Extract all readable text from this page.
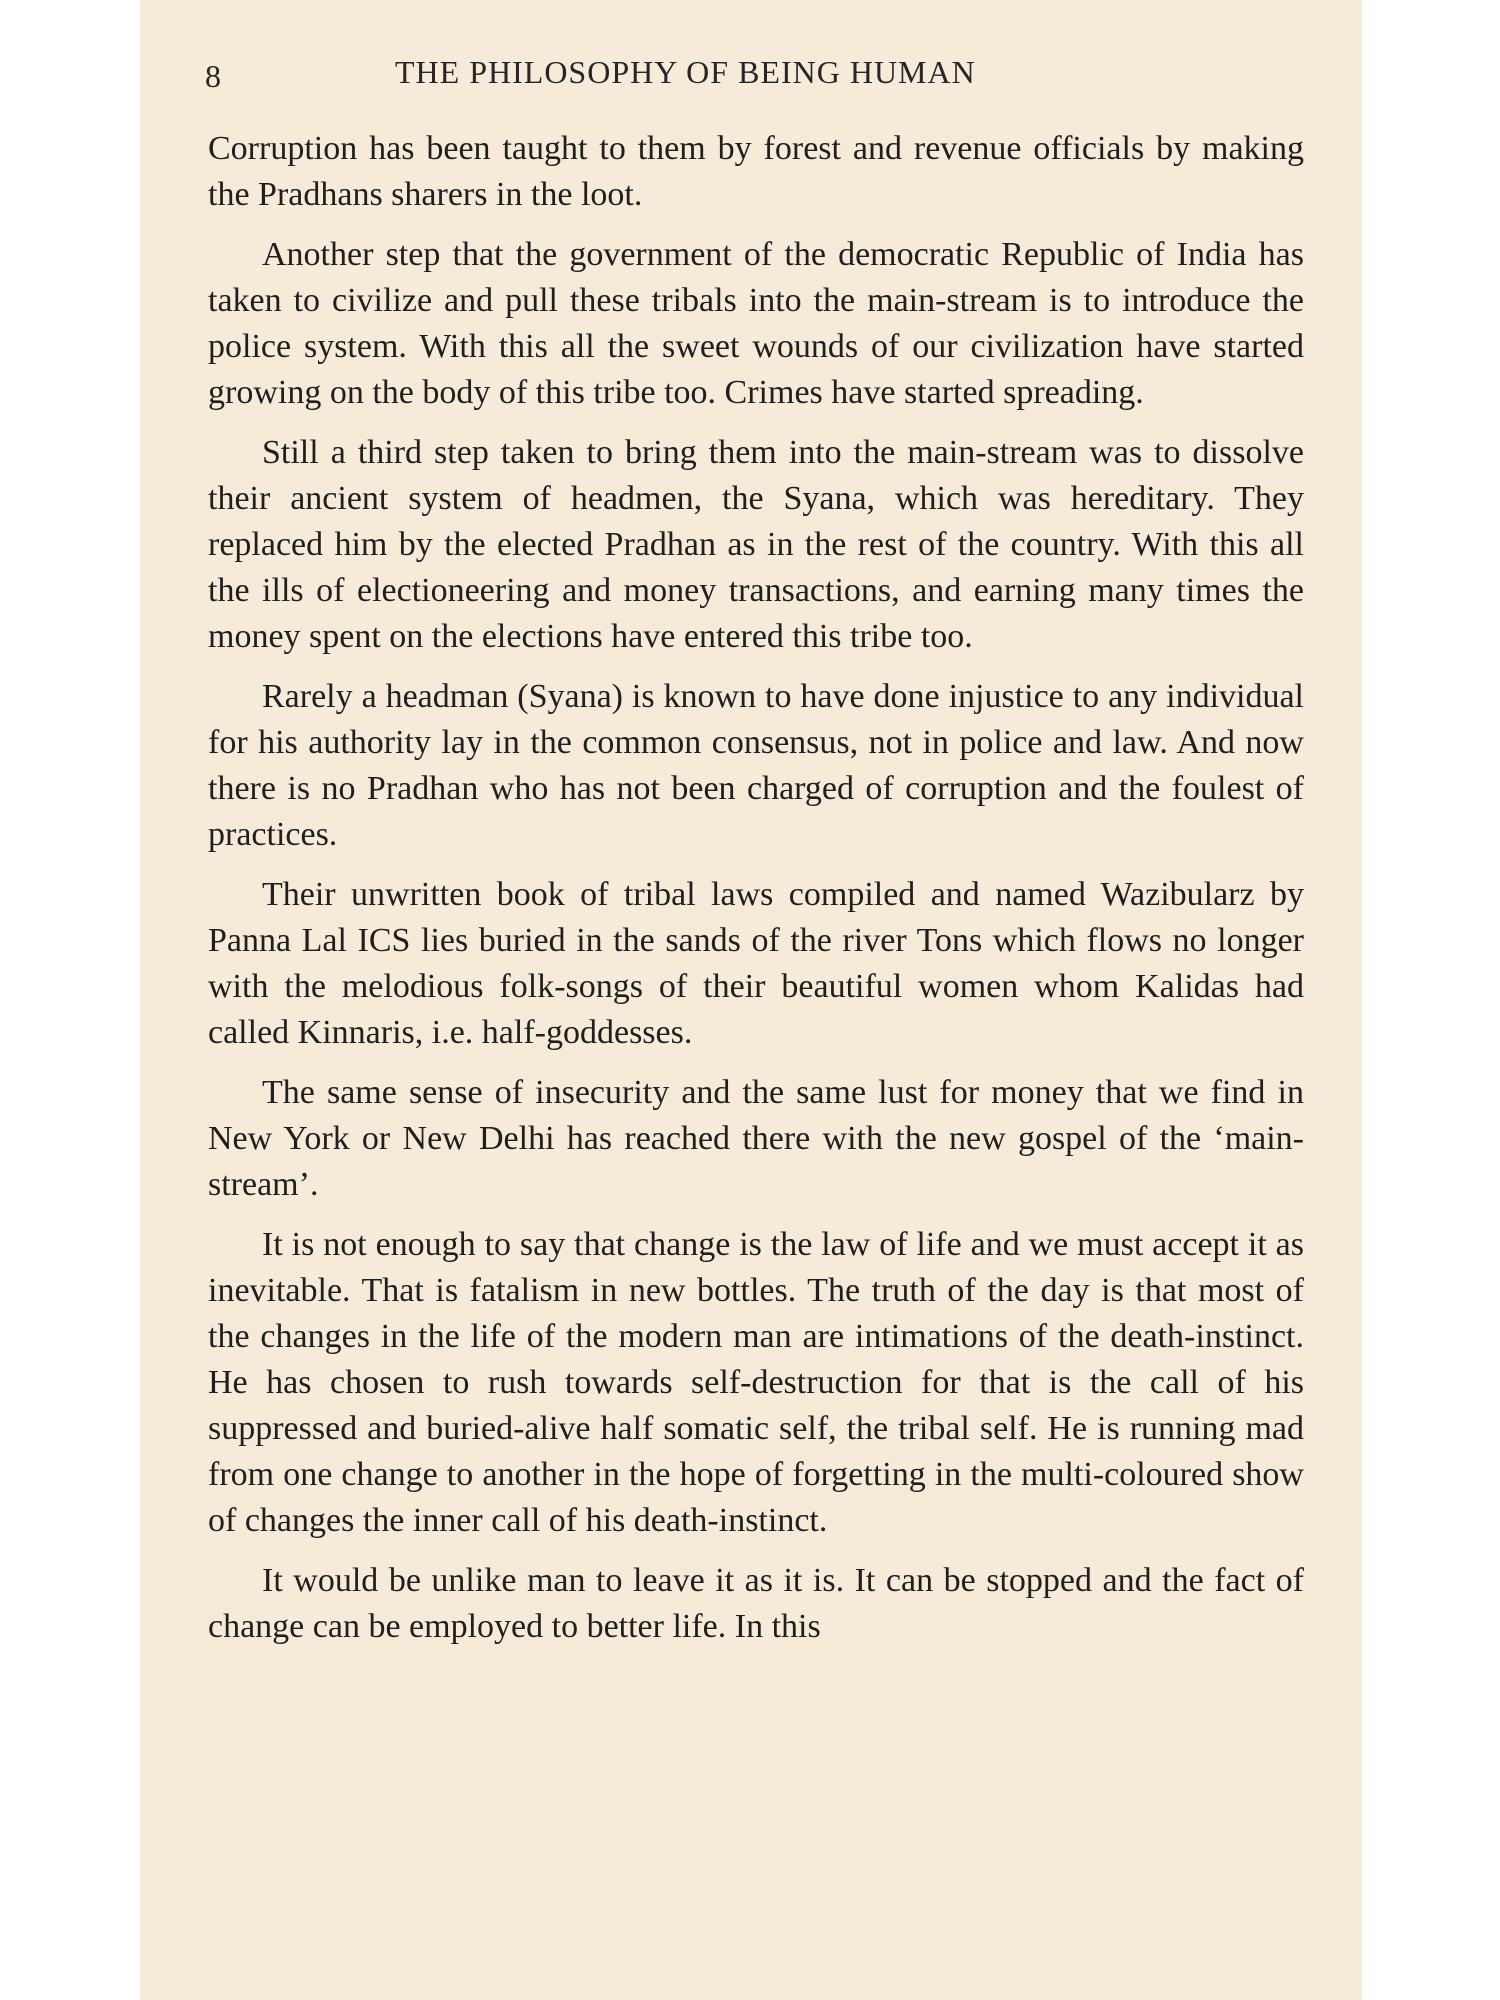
8	THE PHILOSOPHY OF BEING HUMAN

Corruption has been taught to them by forest and revenue officials by making the Pradhans sharers in the loot.

Another step that the government of the democratic Republic of India has taken to civilize and pull these tribals into the main-stream is to introduce the police system. With this all the sweet wounds of our civilization have started growing on the body of this tribe too. Crimes have started spreading.

Still a third step taken to bring them into the main-stream was to dissolve their ancient system of headmen, the Syana, which was hereditary. They replaced him by the elected Pradhan as in the rest of the country. With this all the ills of electioneering and money transactions, and earning many times the money spent on the elections have entered this tribe too.

Rarely a headman (Syana) is known to have done injustice to any individual for his authority lay in the common consensus, not in police and law. And now there is no Pradhan who has not been charged of corruption and the foulest of practices.

Their unwritten book of tribal laws compiled and named Wazibularz by Panna Lal ICS lies buried in the sands of the river Tons which flows no longer with the melodious folk-songs of their beautiful women whom Kalidas had called Kinnaris, i.e. half-goddesses.

The same sense of insecurity and the same lust for money that we find in New York or New Delhi has reached there with the new gospel of the ‘main-stream’.

It is not enough to say that change is the law of life and we must accept it as inevitable. That is fatalism in new bottles. The truth of the day is that most of the changes in the life of the modern man are intimations of the death-instinct. He has chosen to rush towards self-destruction for that is the call of his suppressed and buried-alive half somatic self, the tribal self. He is running mad from one change to another in the hope of forgetting in the multi-coloured show of changes the inner call of his death-instinct.

It would be unlike man to leave it as it is. It can be stopped and the fact of change can be employed to better life. In this
